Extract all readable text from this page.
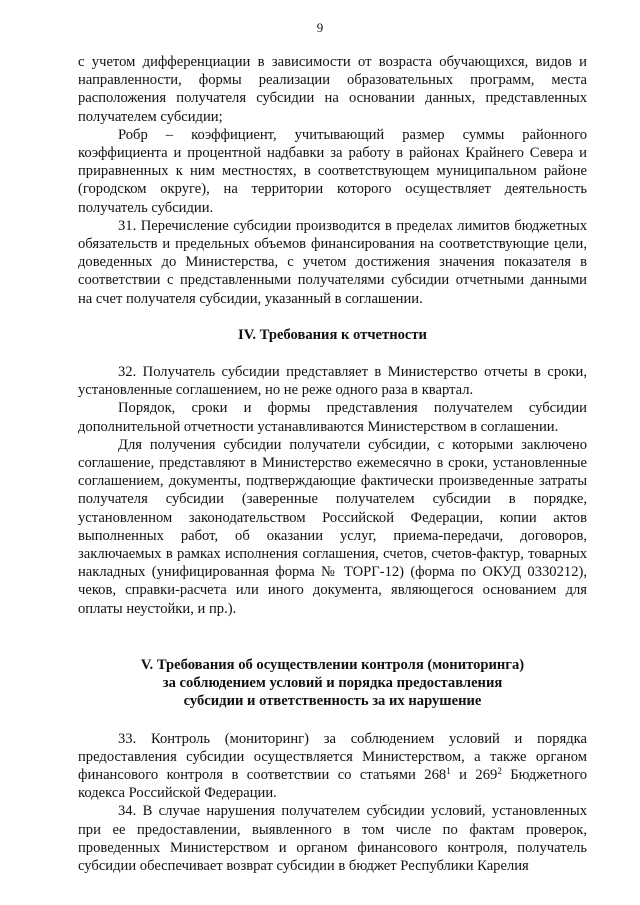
9

с учетом дифференциации в зависимости от возраста обучающихся, видов и направленности, формы реализации образовательных программ, места расположения получателя субсидии на основании данных, представленных получателем субсидии;

Робр – коэффициент, учитывающий размер суммы районного коэффициента и процентной надбавки за работу в районах Крайнего Севера и приравненных к ним местностях, в соответствующем муниципальном районе (городском округе), на территории которого осуществляет деятельность получатель субсидии.

31. Перечисление субсидии производится в пределах лимитов бюджетных обязательств и предельных объемов финансирования на соответствующие цели, доведенных до Министерства, с учетом достижения значения показателя в соответствии с представленными получателями субсидии отчетными данными на счет получателя субсидии, указанный в соглашении.

IV. Требования к отчетности

32. Получатель субсидии представляет в Министерство отчеты в сроки, установленные соглашением, но не реже одного раза в квартал.

Порядок, сроки и формы представления получателем субсидии дополнительной отчетности устанавливаются Министерством в соглашении.

Для получения субсидии получатели субсидии, с которыми заключено соглашение, представляют в Министерство ежемесячно в сроки, установленные соглашением, документы, подтверждающие фактически произведенные затраты получателя субсидии (заверенные получателем субсидии в порядке, установленном законодательством Российской Федерации, копии актов выполненных работ, об оказании услуг, приема-передачи, договоров, заключаемых в рамках исполнения соглашения, счетов, счетов-фактур, товарных накладных (унифицированная форма № ТОРГ-12) (форма по ОКУД 0330212), чеков, справки-расчета или иного документа, являющегося основанием для оплаты неустойки, и пр.).

V. Требования об осуществлении контроля (мониторинга)
за соблюдением условий и порядка предоставления
субсидии и ответственность за их нарушение

33. Контроль (мониторинг) за соблюдением условий и порядка предоставления субсидии осуществляется Министерством, а также органом финансового контроля в соответствии со статьями $268^1$ и $269^2$ Бюджетного кодекса Российской Федерации.

34. В случае нарушения получателем субсидии условий, установленных при ее предоставлении, выявленного в том числе по фактам проверок, проведенных Министерством и органом финансового контроля, получатель субсидии обеспечивает возврат субсидии в бюджет Республики Карелия
